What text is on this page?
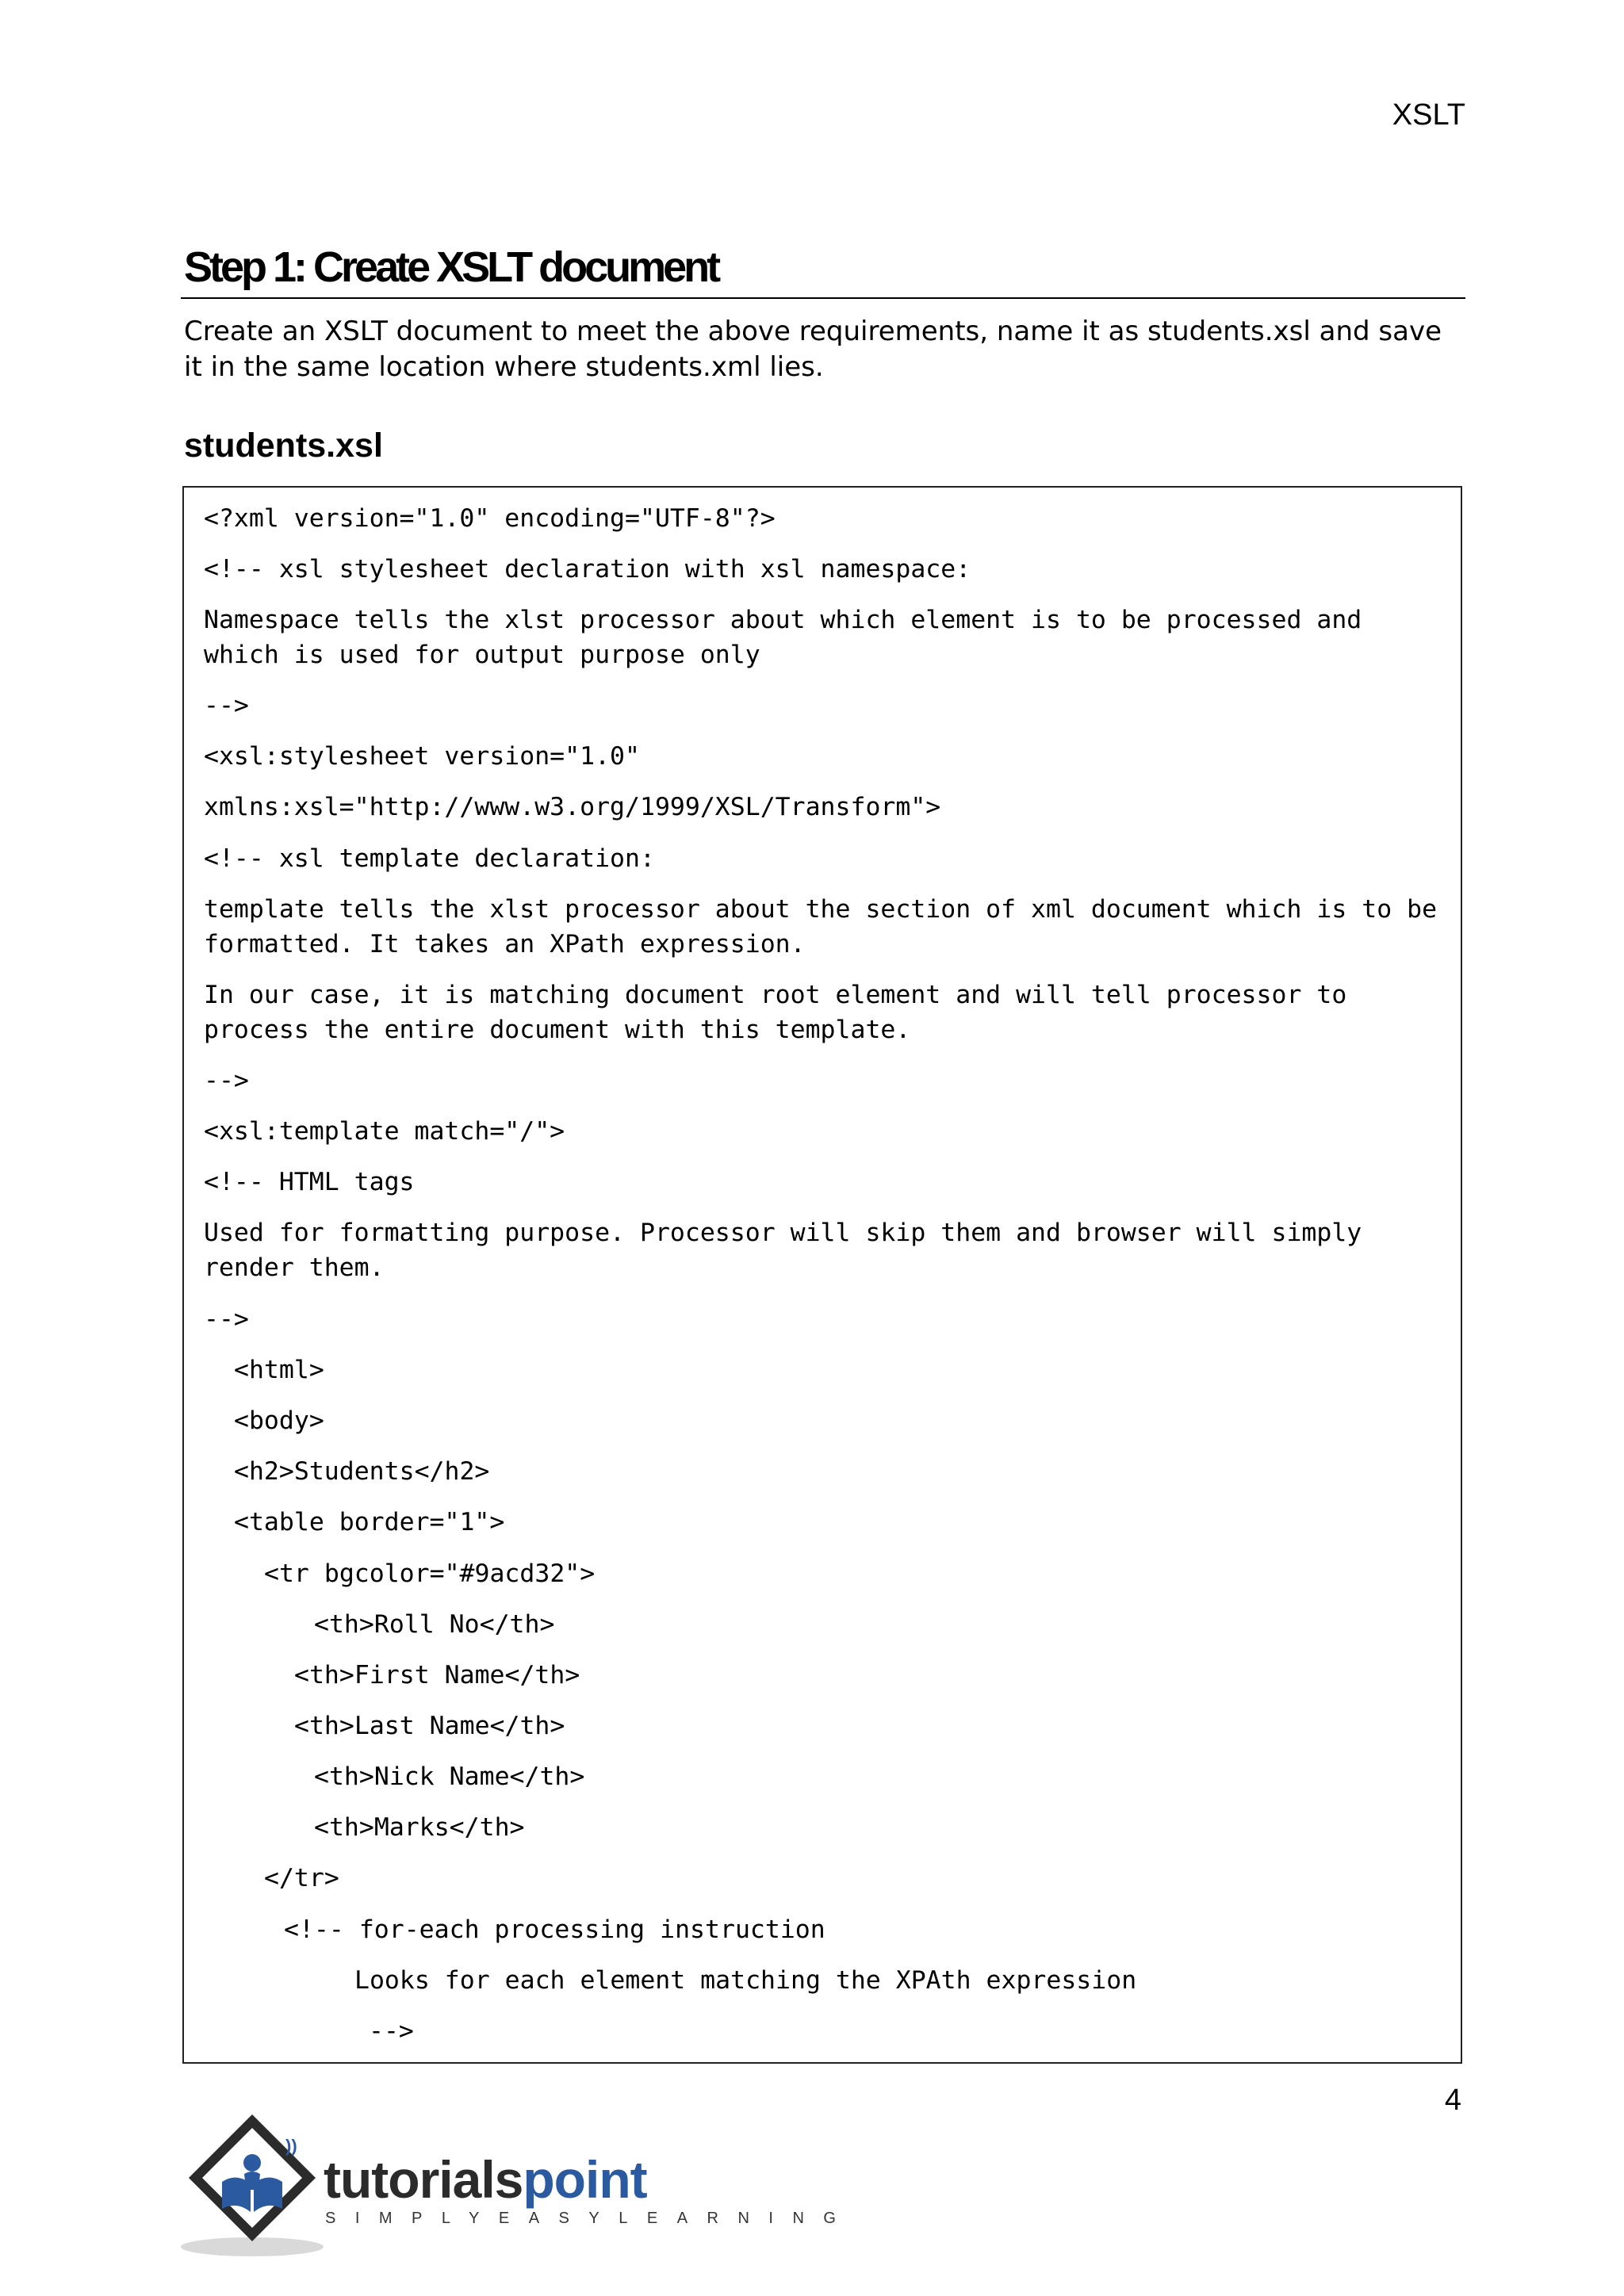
XSLT
Step 1: Create XSLT document

Create an XSLT document to meet the above requirements, name it as students.xsl and save
it in the same location where students.xml lies.

students.xsl
<?xml version="1.0" encoding="UTF-8"?>
<!-- xsl stylesheet declaration with xsl namespace:
Namespace tells the xlst processor about which element is to be processed and
which is used for output purpose only
-->
<xsl:stylesheet version="1.0"
xmlns:xsl="http://www.w3.org/1999/XSL/Transform">
<!-- xsl template declaration:
template tells the xlst processor about the section of xml document which is to be
formatted. It takes an XPath expression.
In our case, it is matching document root element and will tell processor to
process the entire document with this template.
-->
<xsl:template match="/">
<!-- HTML tags
Used for formatting purpose. Processor will skip them and browser will simply
render them.
-->
<html>
<body>
<h2>Students</h2>
<table border="1">
<tr bgcolor="#9acd32">
<th>Roll No</th>
<th>First Name</th>
<th>Last Name</th>
<th>Nick Name</th>
<th>Marks</th>
</tr>
<!-- for-each processing instruction
Looks for each element matching the XPAth expression
-->
4
))
tutorialspoint
SIMPLYEASYLEARNING
